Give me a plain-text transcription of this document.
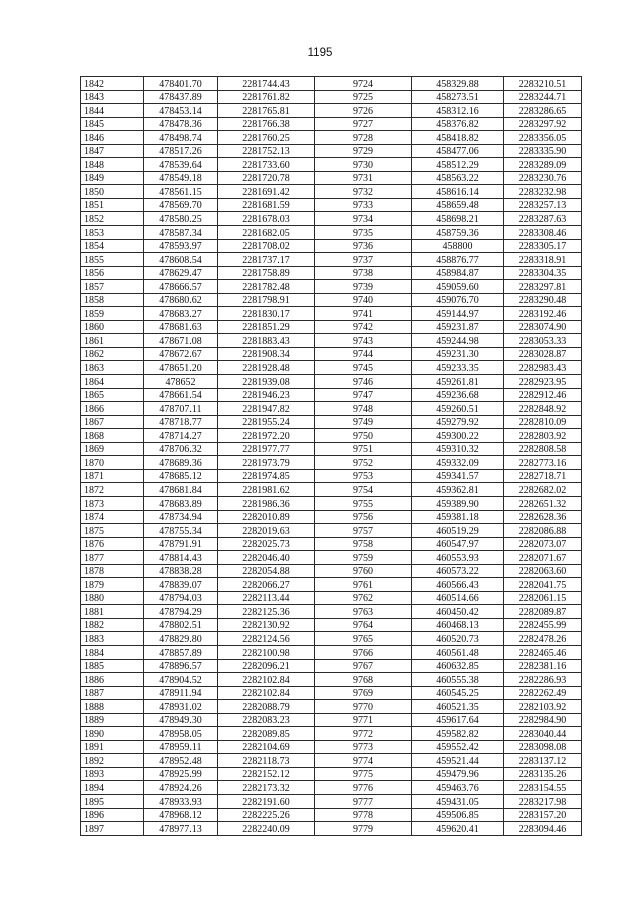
1195
1842	478401.70	2281744.43	9724	458329.88	2283210.51
1843	478437.89	2281761.82	9725	458273.51	2283244.71
1844	478453.14	2281765.81	9726	458312.16	2283286.65
1845	478478.36	2281766.38	9727	458376.82	2283297.92
1846	478498.74	2281760.25	9728	458418.82	2283356.05
1847	478517.26	2281752.13	9729	458477.06	2283335.90
1848	478539.64	2281733.60	9730	458512.29	2283289.09
1849	478549.18	2281720.78	9731	458563.22	2283230.76
1850	478561.15	2281691.42	9732	458616.14	2283232.98
1851	478569.70	2281681.59	9733	458659.48	2283257.13
1852	478580.25	2281678.03	9734	458698.21	2283287.63
1853	478587.34	2281682.05	9735	458759.36	2283308.46
1854	478593.97	2281708.02	9736	458800	2283305.17
1855	478608.54	2281737.17	9737	458876.77	2283318.91
1856	478629.47	2281758.89	9738	458984.87	2283304.35
1857	478666.57	2281782.48	9739	459059.60	2283297.81
1858	478680.62	2281798.91	9740	459076.70	2283290.48
1859	478683.27	2281830.17	9741	459144.97	2283192.46
1860	478681.63	2281851.29	9742	459231.87	2283074.90
1861	478671.08	2281883.43	9743	459244.98	2283053.33
1862	478672.67	2281908.34	9744	459231.30	2283028.87
1863	478651.20	2281928.48	9745	459233.35	2282983.43
1864	478652	2281939.08	9746	459261.81	2282923.95
1865	478661.54	2281946.23	9747	459236.68	2282912.46
1866	478707.11	2281947.82	9748	459260.51	2282848.92
1867	478718.77	2281955.24	9749	459279.92	2282810.09
1868	478714.27	2281972.20	9750	459300.22	2282803.92
1869	478706.32	2281977.77	9751	459310.32	2282808.58
1870	478689.36	2281973.79	9752	459332.09	2282773.16
1871	478685.12	2281974.85	9753	459341.57	2282718.71
1872	478681.84	2281981.62	9754	459362.81	2282682.02
1873	478683.89	2281986.36	9755	459389.90	2282651.32
1874	478734.94	2282010.89	9756	459381.18	2282628.36
1875	478755.34	2282019.63	9757	460519.29	2282086.88
1876	478791.91	2282025.73	9758	460547.97	2282073.07
1877	478814.43	2282046.40	9759	460553.93	2282071.67
1878	478838.28	2282054.88	9760	460573.22	2282063.60
1879	478839.07	2282066.27	9761	460566.43	2282041.75
1880	478794.03	2282113.44	9762	460514.66	2282061.15
1881	478794.29	2282125.36	9763	460450.42	2282089.87
1882	478802.51	2282130.92	9764	460468.13	2282455.99
1883	478829.80	2282124.56	9765	460520.73	2282478.26
1884	478857.89	2282100.98	9766	460561.48	2282465.46
1885	478896.57	2282096.21	9767	460632.85	2282381.16
1886	478904.52	2282102.84	9768	460555.38	2282286.93
1887	478911.94	2282102.84	9769	460545.25	2282262.49
1888	478931.02	2282088.79	9770	460521.35	2282103.92
1889	478949.30	2282083.23	9771	459617.64	2282984.90
1890	478958.05	2282089.85	9772	459582.82	2283040.44
1891	478959.11	2282104.69	9773	459552.42	2283098.08
1892	478952.48	2282118.73	9774	459521.44	2283137.12
1893	478925.99	2282152.12	9775	459479.96	2283135.26
1894	478924.26	2282173.32	9776	459463.76	2283154.55
1895	478933.93	2282191.60	9777	459431.05	2283217.98
1896	478968.12	2282225.26	9778	459506.85	2283157.20
1897	478977.13	2282240.09	9779	459620.41	2283094.46
